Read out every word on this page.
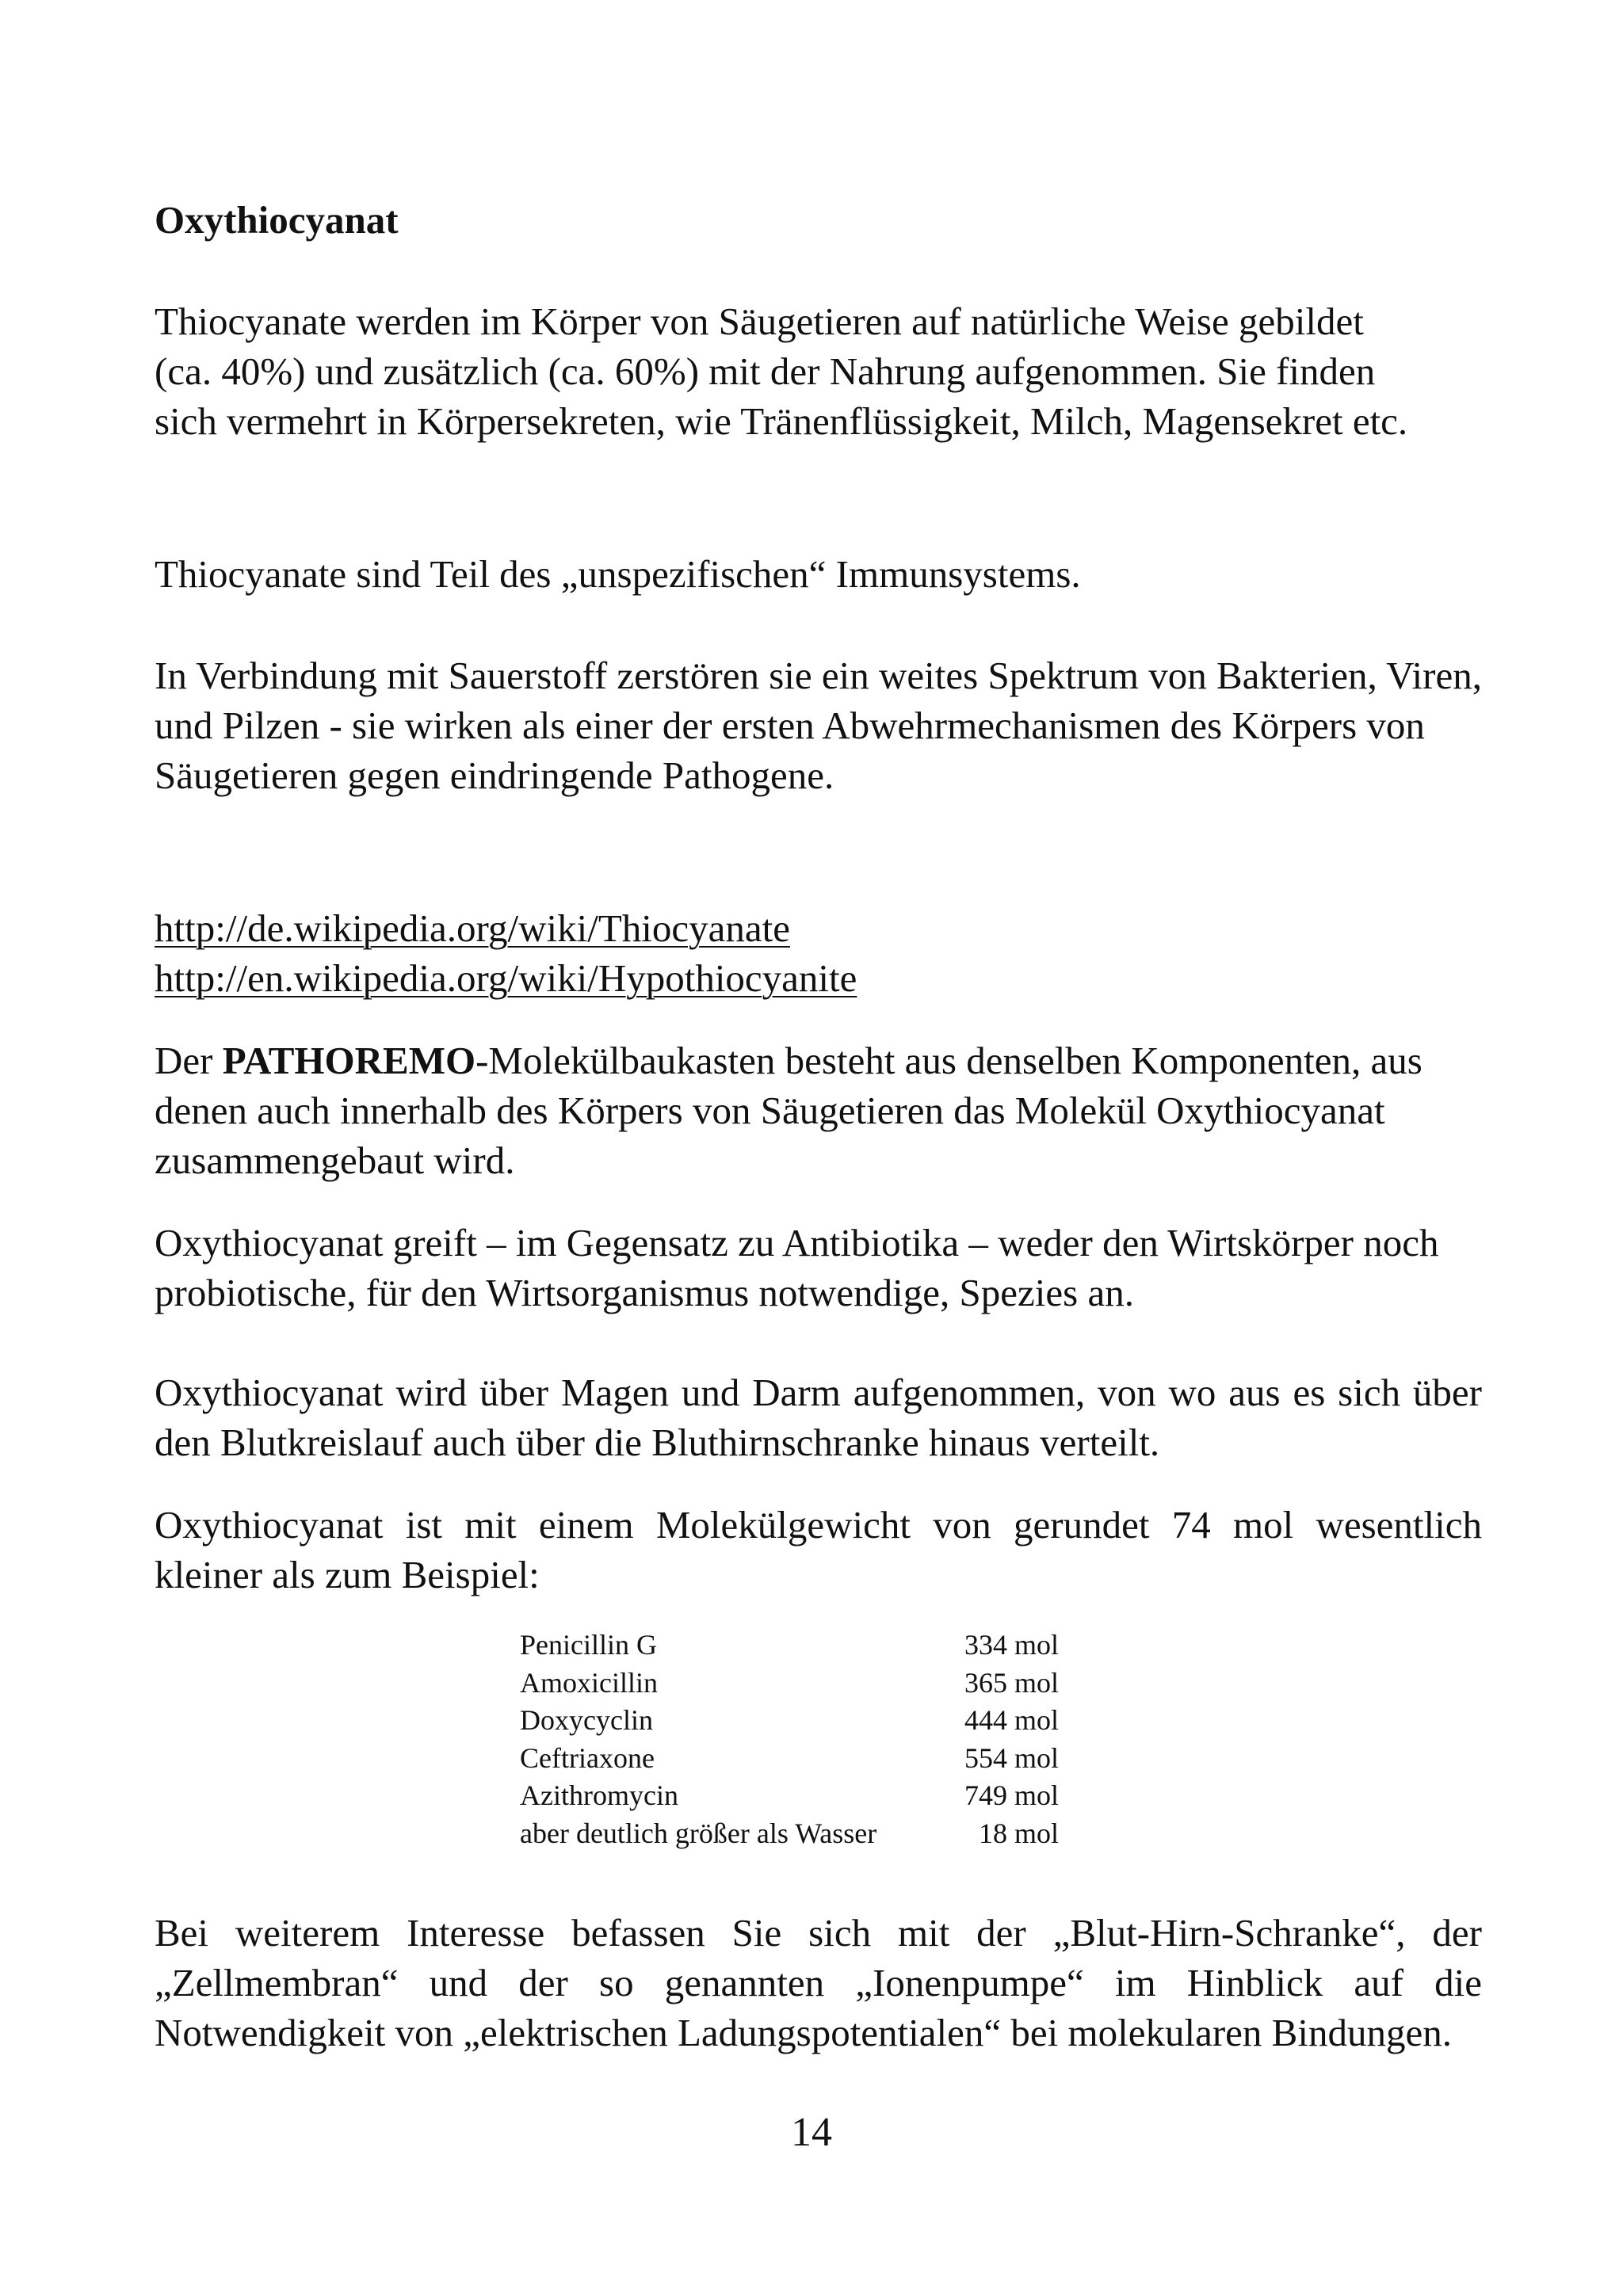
Oxythiocyanat

Thiocyanate werden im Körper von Säugetieren auf natürliche Weise gebildet (ca. 40%) und zusätzlich (ca. 60%) mit der Nahrung aufgenommen. Sie finden sich vermehrt in Körpersekreten, wie Tränenflüssigkeit, Milch, Magensekret etc.

Thiocyanate sind Teil des „unspezifischen“ Immunsystems.

In Verbindung mit Sauerstoff zerstören sie ein weites Spektrum von Bakterien, Viren, und Pilzen - sie wirken als einer der ersten Abwehrmechanismen des Körpers von Säugetieren gegen eindringende Pathogene.

http://de.wikipedia.org/wiki/Thiocyanate
http://en.wikipedia.org/wiki/Hypothiocyanite

Der PATHOREMO-Molekülbaukasten besteht aus denselben Komponenten, aus denen auch innerhalb des Körpers von Säugetieren das Molekül Oxythiocyanat zusammengebaut wird.

Oxythiocyanat greift – im Gegensatz zu Antibiotika – weder den Wirtskörper noch probiotische, für den Wirtsorganismus notwendige, Spezies an.

Oxythiocyanat wird über Magen und Darm aufgenommen, von wo aus es sich über den Blutkreislauf auch über die Bluthirnschranke hinaus verteilt.

Oxythiocyanat ist mit einem Molekülgewicht von gerundet 74 mol wesentlich kleiner als zum Beispiel:

Penicillin G	334 mol
Amoxicillin	365 mol
Doxycyclin	444 mol
Ceftriaxone	554 mol
Azithromycin	749 mol
aber deutlich größer als Wasser	18 mol

Bei weiterem Interesse befassen Sie sich mit der „Blut-Hirn-Schranke“, der „Zellmembran“ und der so genannten „Ionenpumpe“ im Hinblick auf die Notwendigkeit von „elektrischen Ladungspotentialen“ bei molekularen Bindungen.

14
